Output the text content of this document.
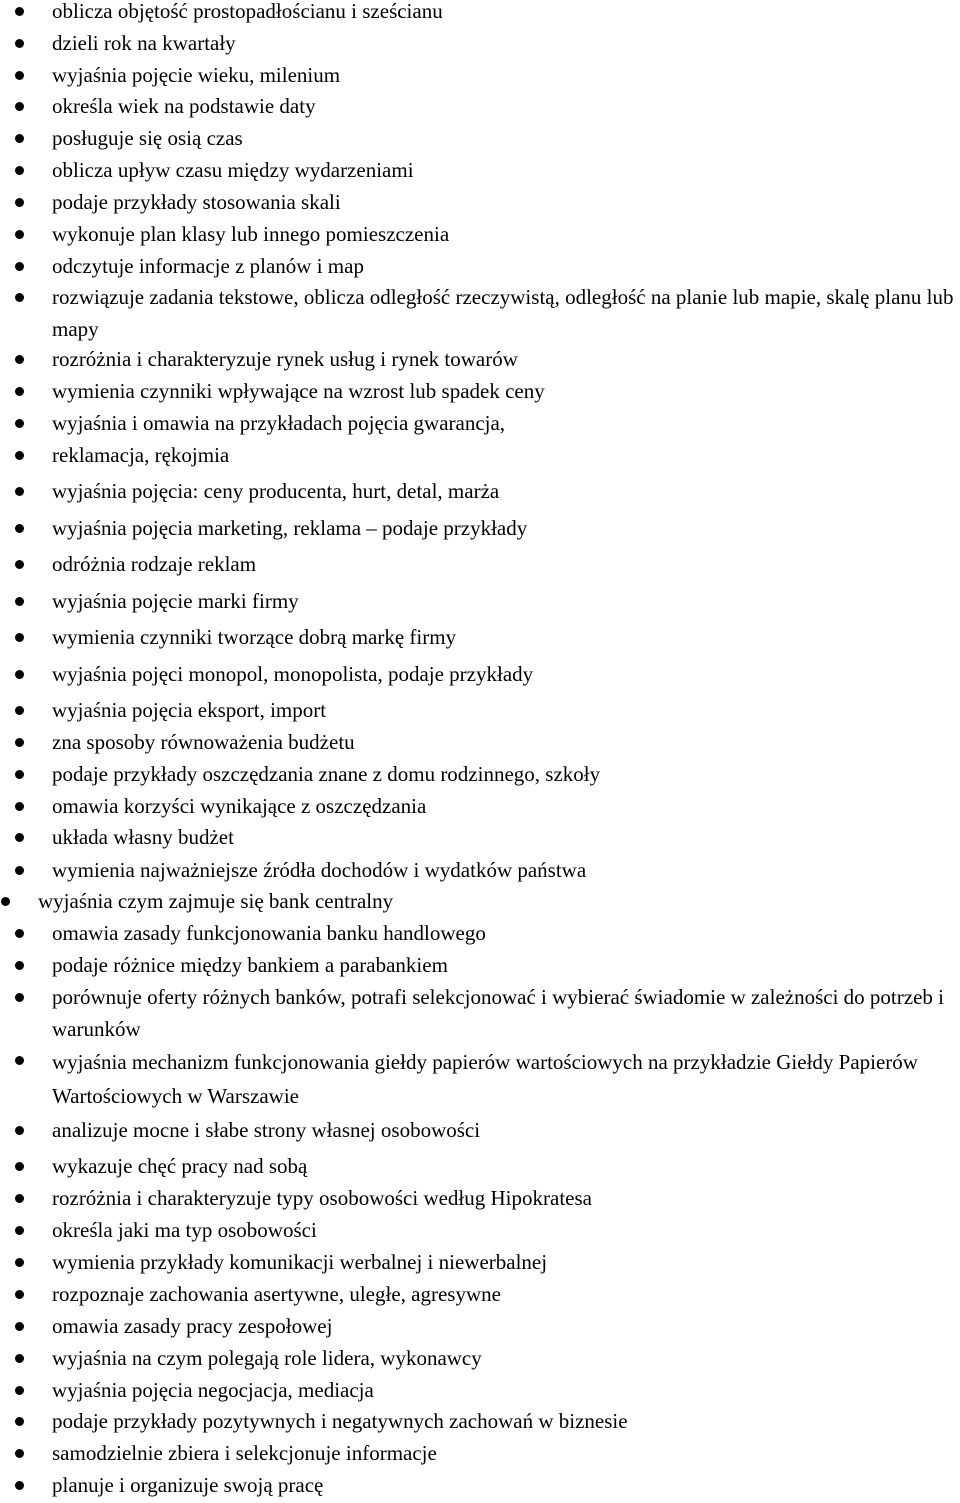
oblicza objętość prostopadłościanu i sześcianu
dzieli rok na kwartały
wyjaśnia pojęcie wieku, milenium
określa wiek na podstawie daty
posługuje się osią czas
oblicza upływ czasu między wydarzeniami
podaje przykłady stosowania skali
wykonuje plan klasy lub innego pomieszczenia
odczytuje informacje z planów i map
rozwiązuje zadania tekstowe, oblicza odległość rzeczywistą, odległość na planie lub mapie, skalę planu lub mapy
rozróżnia i charakteryzuje rynek usług i rynek towarów
wymienia czynniki wpływające na wzrost lub spadek ceny
wyjaśnia i omawia na przykładach pojęcia gwarancja,
reklamacja, rękojmia
wyjaśnia pojęcia: ceny producenta, hurt, detal, marża
wyjaśnia pojęcia marketing, reklama – podaje przykłady
odróżnia rodzaje reklam
wyjaśnia pojęcie marki firmy
wymienia czynniki tworzące dobrą markę firmy
wyjaśnia pojęci monopol, monopolista, podaje przykłady
wyjaśnia pojęcia eksport, import
zna sposoby równoważenia budżetu
podaje przykłady oszczędzania znane z domu rodzinnego, szkoły
omawia korzyści wynikające z oszczędzania
układa własny budżet
wymienia najważniejsze źródła dochodów i wydatków państwa
wyjaśnia czym zajmuje się bank centralny
omawia zasady funkcjonowania banku handlowego
podaje różnice między bankiem a parabankiem
porównuje oferty różnych banków, potrafi selekcjonować i wybierać świadomie w zależności do potrzeb i warunków
wyjaśnia mechanizm funkcjonowania giełdy papierów wartościowych na przykładzie Giełdy Papierów Wartościowych w Warszawie
analizuje mocne i słabe strony własnej osobowości
wykazuje chęć pracy nad sobą
rozróżnia i charakteryzuje typy osobowości według Hipokratesa
określa jaki ma typ osobowości
wymienia przykłady komunikacji werbalnej i niewerbalnej
rozpoznaje zachowania asertywne, uległe, agresywne
omawia zasady pracy zespołowej
wyjaśnia na czym polegają role lidera, wykonawcy
wyjaśnia pojęcia negocjacja, mediacja
podaje przykłady pozytywnych i negatywnych zachowań w biznesie
samodzielnie zbiera i selekcjonuje informacje
planuje i organizuje swoją pracę
